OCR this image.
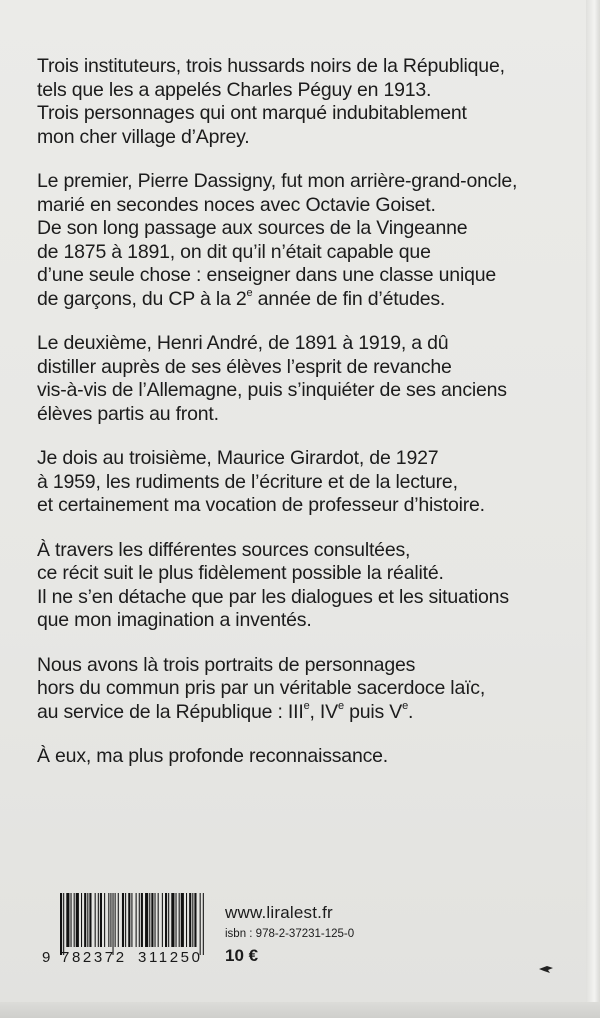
Trois instituteurs, trois hussards noirs de la République,
tels que les a appelés Charles Péguy en 1913.
Trois personnages qui ont marqué indubitablement
mon cher village d’Aprey.

Le premier, Pierre Dassigny, fut mon arrière-grand-oncle,
marié en secondes noces avec Octavie Goiset.
De son long passage aux sources de la Vingeanne
de 1875 à 1891, on dit qu’il n’était capable que
d’une seule chose : enseigner dans une classe unique
de garçons, du CP à la 2e année de fin d’études.

Le deuxième, Henri André, de 1891 à 1919, a dû
distiller auprès de ses élèves l’esprit de revanche
vis-à-vis de l’Allemagne, puis s’inquiéter de ses anciens
élèves partis au front.

Je dois au troisième, Maurice Girardot, de 1927
à 1959, les rudiments de l’écriture et de la lecture,
et certainement ma vocation de professeur d’histoire.

À travers les différentes sources consultées,
ce récit suit le plus fidèlement possible la réalité.
Il ne s’en détache que par les dialogues et les situations
que mon imagination a inventés.

Nous avons là trois portraits de personnages
hors du commun pris par un véritable sacerdoce laïc,
au service de la République : IIIe, IVe puis Ve.

À eux, ma plus profonde reconnaissance.

9 782372 311250
www.liralest.fr
isbn : 978-2-37231-125-0
10 €
